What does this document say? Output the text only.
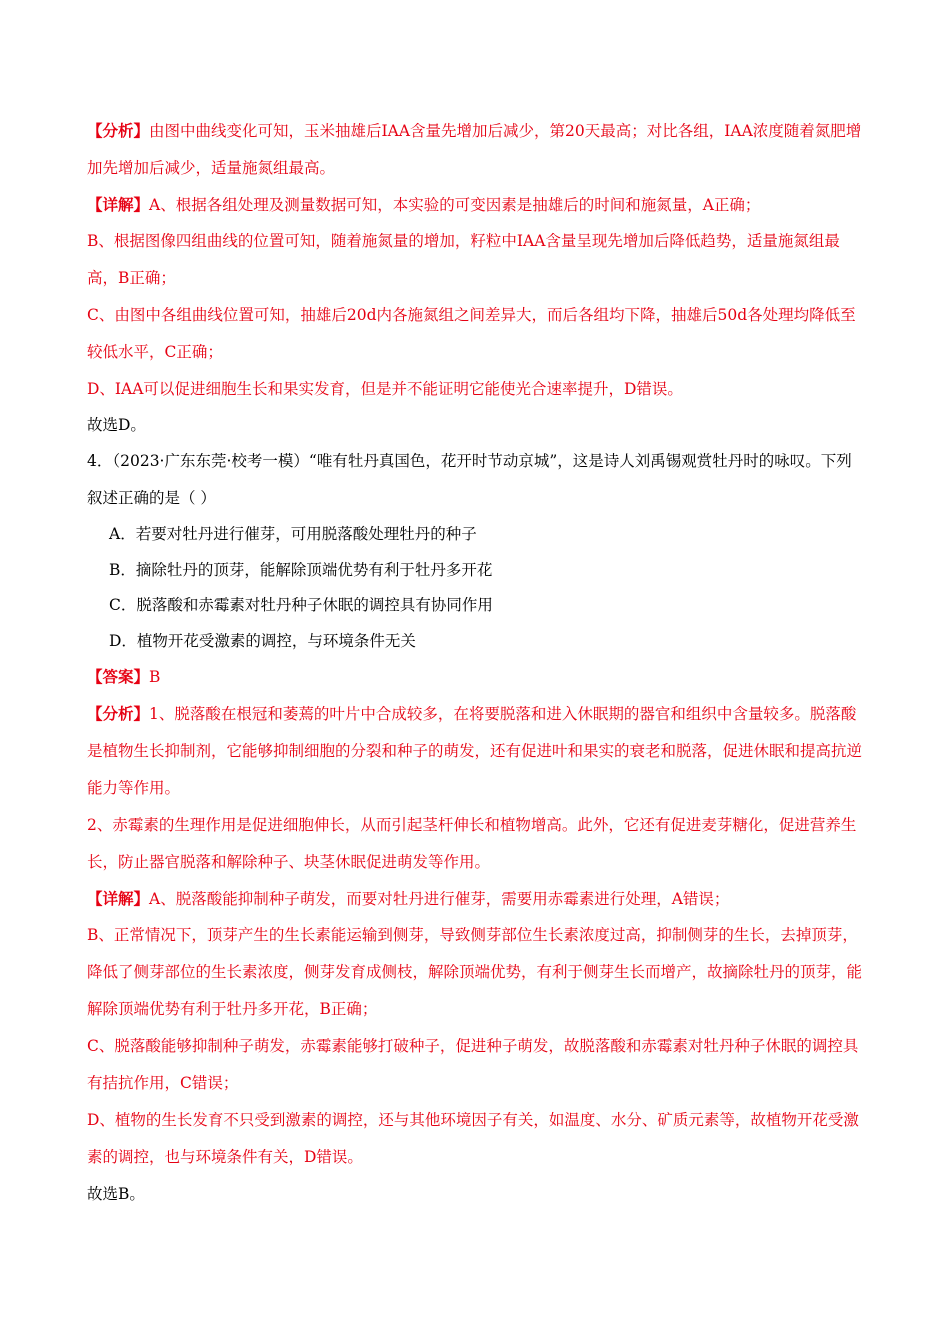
【分析】由图中曲线变化可知，玉米抽雄后IAA含量先增加后减少，第20天最高；对比各组，IAA浓度随着氮肥增加先增加后减少，适量施氮组最高。

【详解】A、根据各组处理及测量数据可知，本实验的可变因素是抽雄后的时间和施氮量，A正确；

B、根据图像四组曲线的位置可知，随着施氮量的增加，籽粒中IAA含量呈现先增加后降低趋势，适量施氮组最高，B正确；

C、由图中各组曲线位置可知，抽雄后20d内各施氮组之间差异大，而后各组均下降，抽雄后50d各处理均降低至较低水平，C正确；

D、IAA可以促进细胞生长和果实发育，但是并不能证明它能使光合速率提升，D错误。

故选D。

4．（2023·广东东莞·校考一模）“唯有牡丹真国色，花开时节动京城”，这是诗人刘禹锡观赏牡丹时的咏叹。下列叙述正确的是（ ）

A．若要对牡丹进行催芽，可用脱落酸处理牡丹的种子

B．摘除牡丹的顶芽，能解除顶端优势有利于牡丹多开花

C．脱落酸和赤霉素对牡丹种子休眠的调控具有协同作用

D．植物开花受激素的调控，与环境条件无关

【答案】B

【分析】1、脱落酸在根冠和萎蔫的叶片中合成较多，在将要脱落和进入休眠期的器官和组织中含量较多。脱落酸是植物生长抑制剂，它能够抑制细胞的分裂和种子的萌发，还有促进叶和果实的衰老和脱落，促进休眠和提高抗逆能力等作用。

2、赤霉素的生理作用是促进细胞伸长，从而引起茎杆伸长和植物增高。此外，它还有促进麦芽糖化，促进营养生长，防止器官脱落和解除种子、块茎休眠促进萌发等作用。

【详解】A、脱落酸能抑制种子萌发，而要对牡丹进行催芽，需要用赤霉素进行处理，A错误；

B、正常情况下，顶芽产生的生长素能运输到侧芽，导致侧芽部位生长素浓度过高，抑制侧芽的生长，去掉顶芽，降低了侧芽部位的生长素浓度，侧芽发育成侧枝，解除顶端优势，有利于侧芽生长而增产，故摘除牡丹的顶芽，能解除顶端优势有利于牡丹多开花，B正确；

C、脱落酸能够抑制种子萌发，赤霉素能够打破种子，促进种子萌发，故脱落酸和赤霉素对牡丹种子休眠的调控具有拮抗作用，C错误；

D、植物的生长发育不只受到激素的调控，还与其他环境因子有关，如温度、水分、矿质元素等，故植物开花受激素的调控，也与环境条件有关，D错误。

故选B。
